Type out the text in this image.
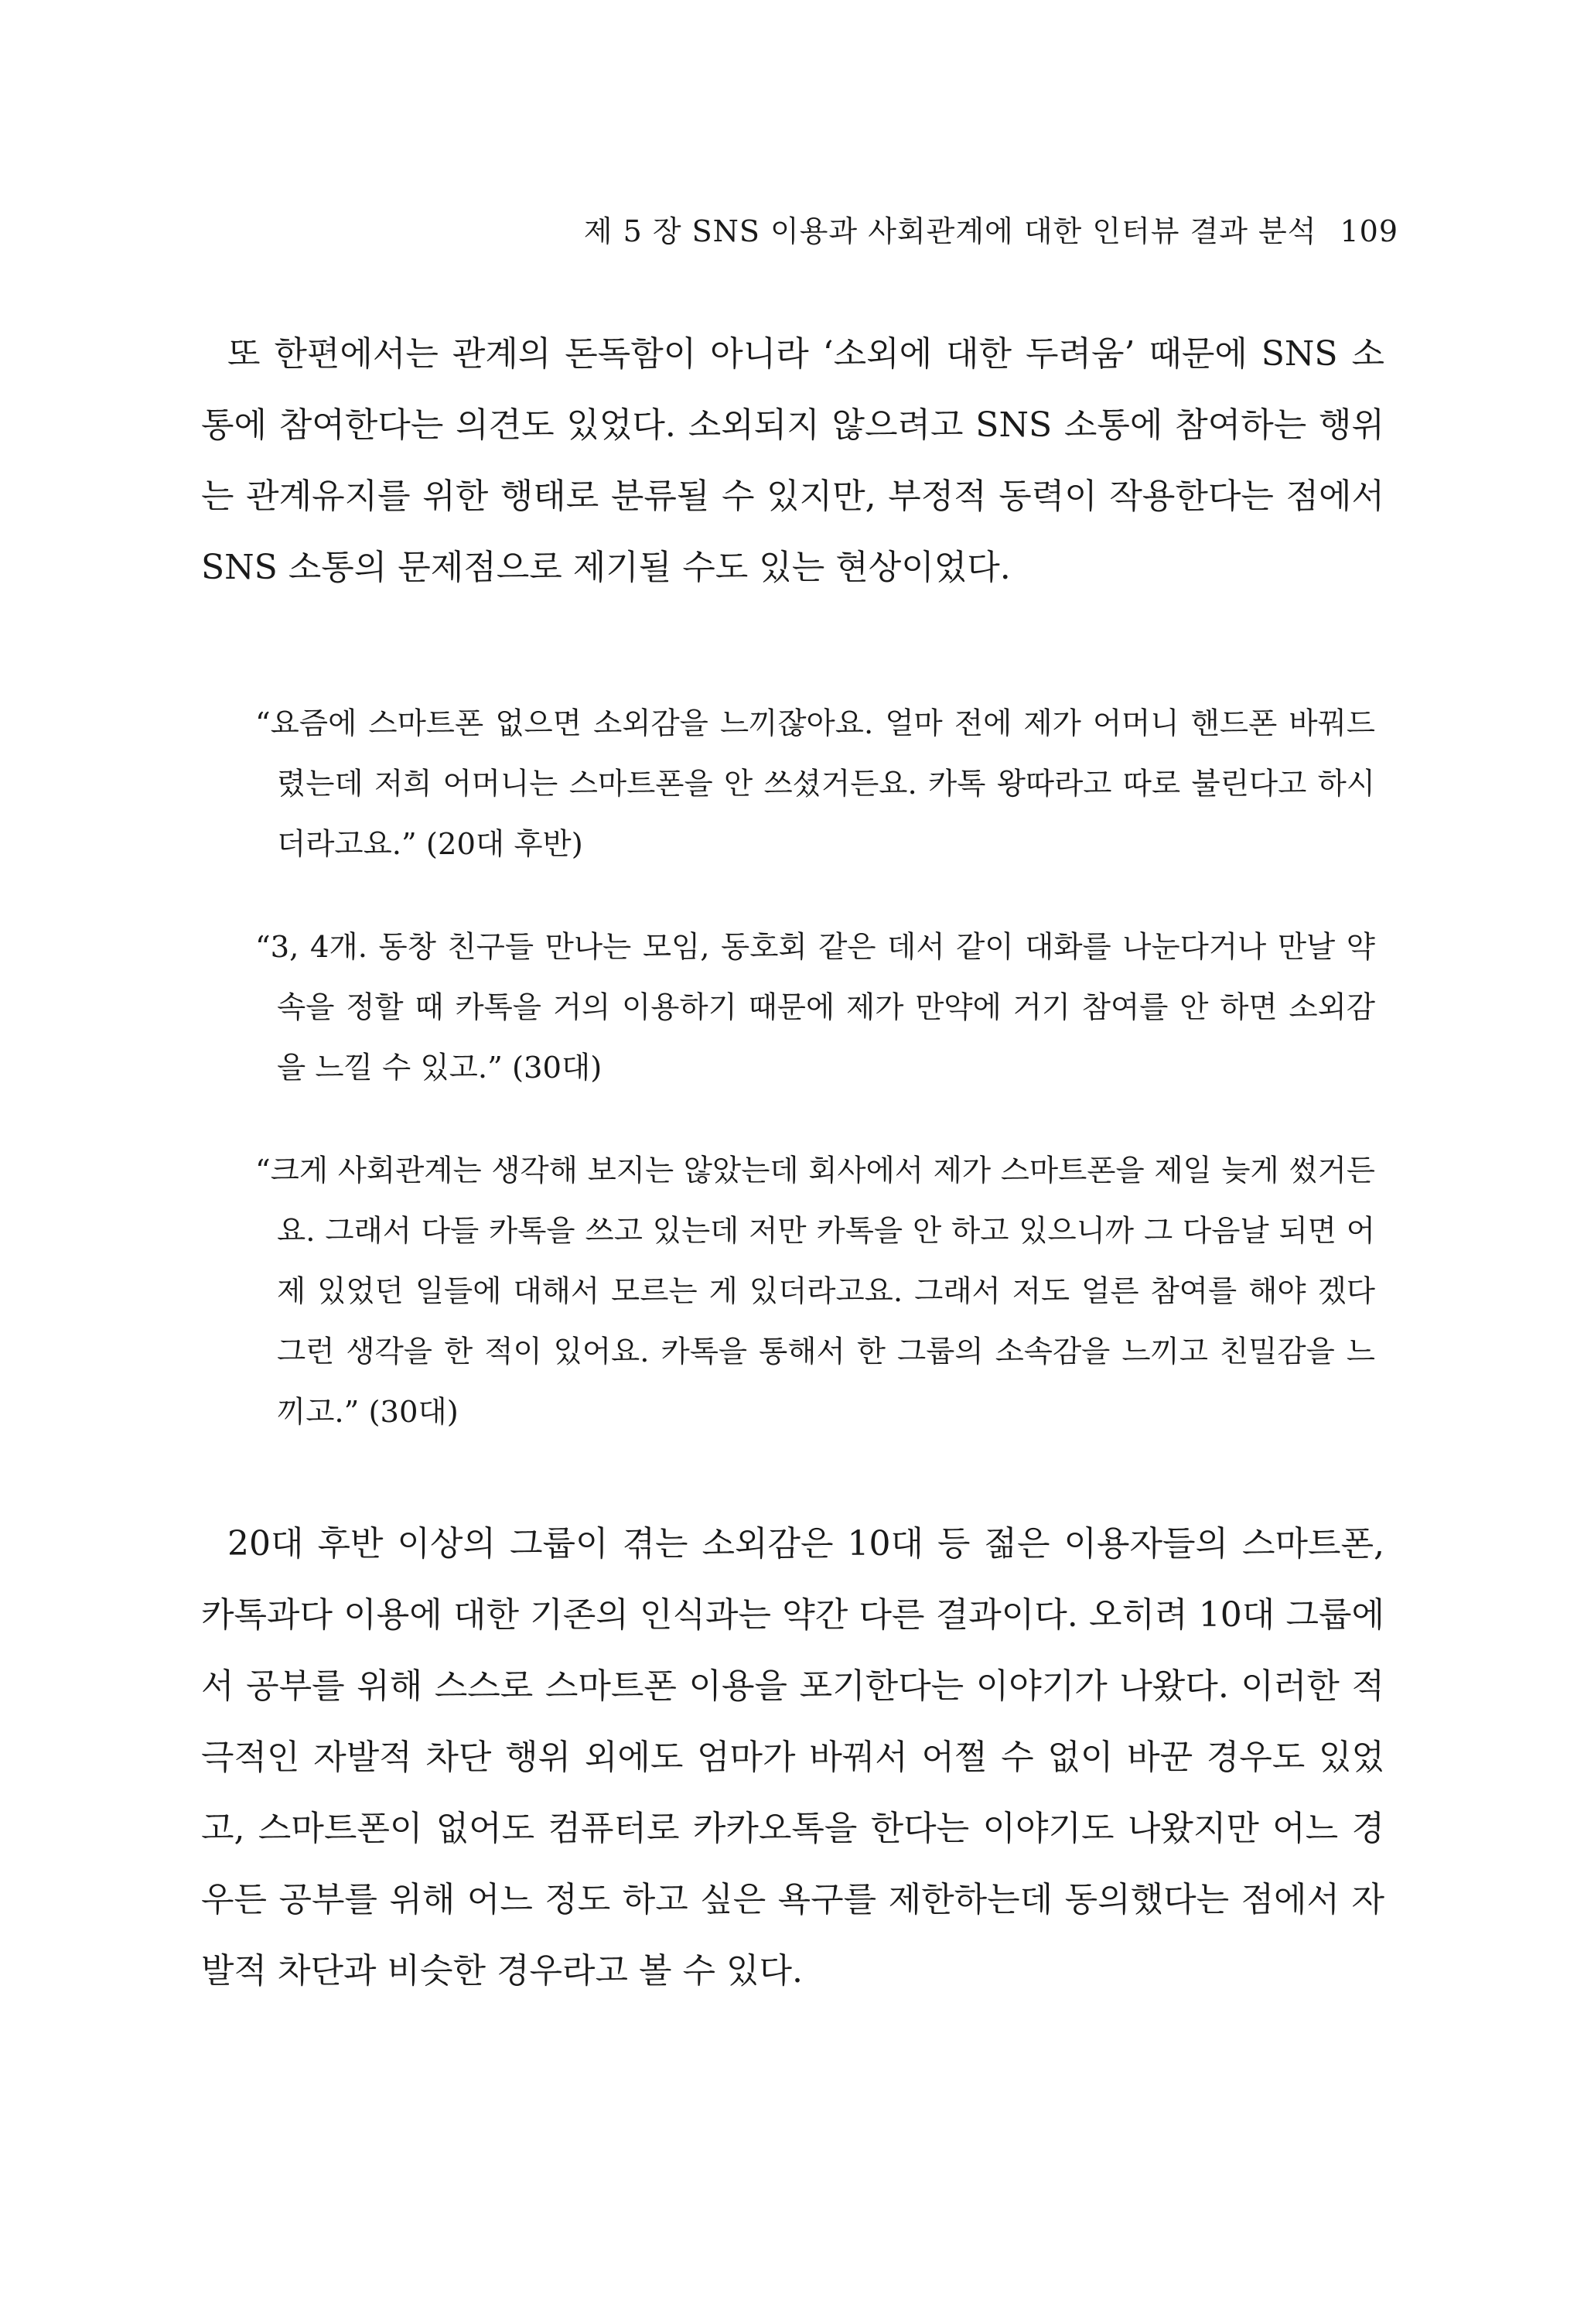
제 5 장 SNS 이용과 사회관계에 대한 인터뷰 결과 분석 109

또 한편에서는 관계의 돈독함이 아니라 ‘소외에 대한 두려움’ 때문에 SNS 소통에 참여한다는 의견도 있었다. 소외되지 않으려고 SNS 소통에 참여하는 행위는 관계유지를 위한 행태로 분류될 수 있지만, 부정적 동력이 작용한다는 점에서 SNS 소통의 문제점으로 제기될 수도 있는 현상이었다.

“요즘에 스마트폰 없으면 소외감을 느끼잖아요. 얼마 전에 제가 어머니 핸드폰 바꿔드렸는데 저희 어머니는 스마트폰을 안 쓰셨거든요. 카톡 왕따라고 따로 불린다고 하시더라고요.” (20대 후반)

“3, 4개. 동창 친구들 만나는 모임, 동호회 같은 데서 같이 대화를 나눈다거나 만날 약속을 정할 때 카톡을 거의 이용하기 때문에 제가 만약에 거기 참여를 안 하면 소외감을 느낄 수 있고.” (30대)

“크게 사회관계는 생각해 보지는 않았는데 회사에서 제가 스마트폰을 제일 늦게 썼거든요. 그래서 다들 카톡을 쓰고 있는데 저만 카톡을 안 하고 있으니까 그 다음날 되면 어제 있었던 일들에 대해서 모르는 게 있더라고요. 그래서 저도 얼른 참여를 해야 겠다 그런 생각을 한 적이 있어요. 카톡을 통해서 한 그룹의 소속감을 느끼고 친밀감을 느끼고.” (30대)

20대 후반 이상의 그룹이 겪는 소외감은 10대 등 젊은 이용자들의 스마트폰, 카톡과다 이용에 대한 기존의 인식과는 약간 다른 결과이다. 오히려 10대 그룹에서 공부를 위해 스스로 스마트폰 이용을 포기한다는 이야기가 나왔다. 이러한 적극적인 자발적 차단 행위 외에도 엄마가 바꿔서 어쩔 수 없이 바꾼 경우도 있었고, 스마트폰이 없어도 컴퓨터로 카카오톡을 한다는 이야기도 나왔지만 어느 경우든 공부를 위해 어느 정도 하고 싶은 욕구를 제한하는데 동의했다는 점에서 자발적 차단과 비슷한 경우라고 볼 수 있다.
